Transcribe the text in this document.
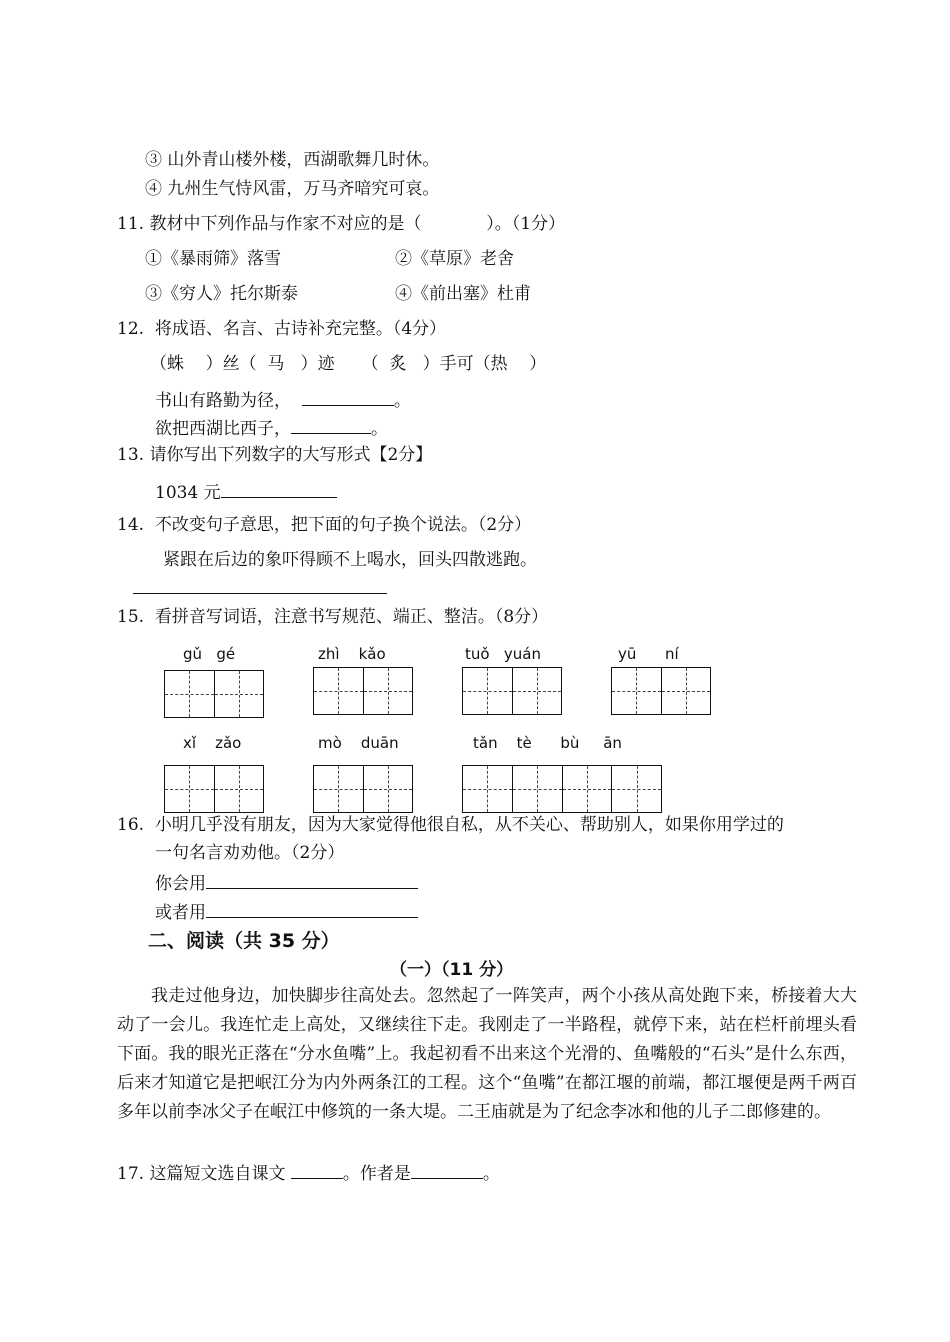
③ 山外青山楼外楼，西湖歌舞几时休。
④ 九州生气恃风雷，万马齐喑究可哀。
11. 教材中下列作品与作家不对应的是（            ）。（1分）
①《暴雨筛》落雪	②《草原》老舍
③《穷人》托尔斯泰	④《前出塞》杜甫
12.  将成语、名言、古诗补充完整。（4分）
（蛛    ）丝（  马   ）迹     （  炙   ）手可（热    ）
书山有路勤为径，	。
欲把西湖比西子，	。
13. 请你写出下列数字的大写形式【2分】
1034 元
14.  不改变句子意思，把下面的句子换个说法。（2分）
紧跟在后边的象吓得顾不上喝水，回头四散逃跑。
15.  看拼音写词语，注意书写规范、端正、整洁。（8分）
gǔ   gé	zhì    kǎo	tuǒ   yuán	yū      ní
xǐ    zǎo	mò    duān	tǎn    tè      bù     ān
16.  小明几乎没有朋友，因为大家觉得他很自私，从不关心、帮助别人，如果你用学过的
一句名言劝劝他。（2分）
你会用
或者用
二、阅读（共 35 分）
（一）（11 分）
我走过他身边，加快脚步往高处去。忽然起了一阵笑声，两个小孩从高处跑下来，桥接着大大动了一会儿。我连忙走上高处，又继续往下走。我刚走了一半路程，就停下来，站在栏杆前埋头看下面。我的眼光正落在“分水鱼嘴”上。我起初看不出来这个光滑的、鱼嘴般的“石头”是什么东西，后来才知道它是把岷江分为内外两条江的工程。这个“鱼嘴”在都江堰的前端，都江堰便是两千两百多年以前李冰父子在岷江中修筑的一条大堤。二王庙就是为了纪念李冰和他的儿子二郎修建的。
17. 这篇短文选自课文	。作者是	。
